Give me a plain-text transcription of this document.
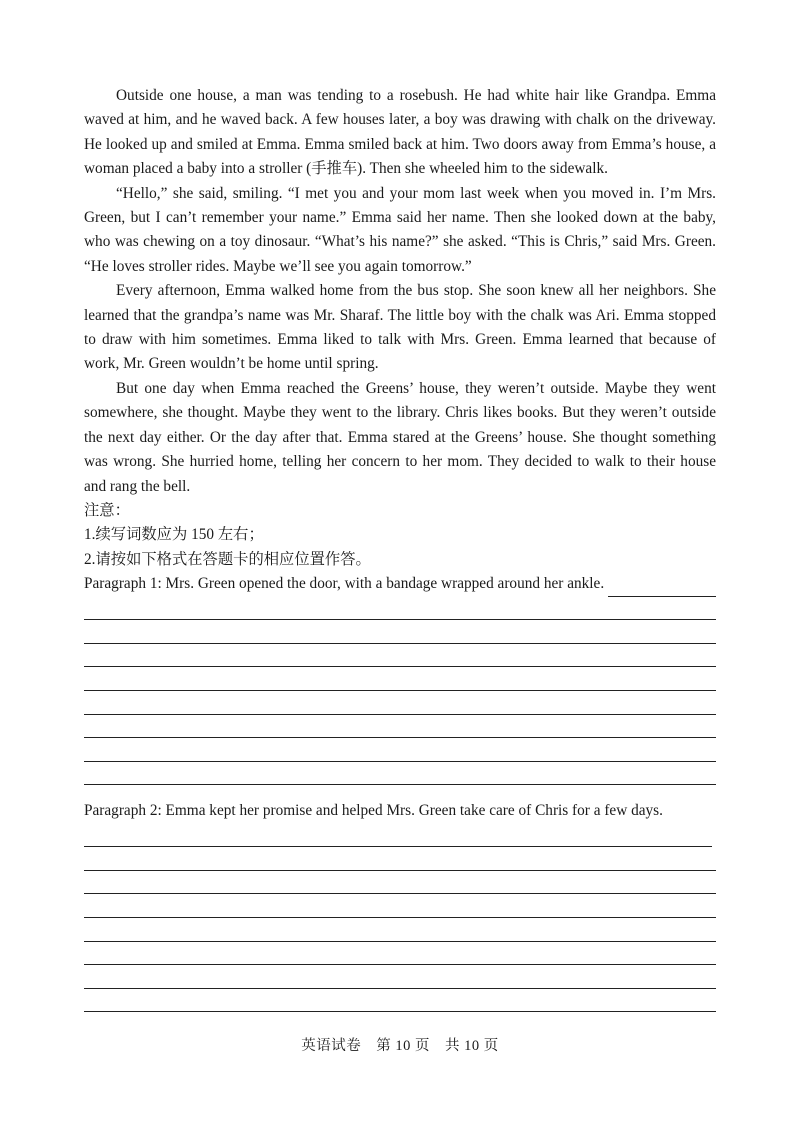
Outside one house, a man was tending to a rosebush. He had white hair like Grandpa. Emma waved at him, and he waved back. A few houses later, a boy was drawing with chalk on the driveway. He looked up and smiled at Emma. Emma smiled back at him. Two doors away from Emma’s house, a woman placed a baby into a stroller (手推车). Then she wheeled him to the sidewalk.

“Hello,” she said, smiling. “I met you and your mom last week when you moved in. I’m Mrs. Green, but I can’t remember your name.” Emma said her name. Then she looked down at the baby, who was chewing on a toy dinosaur. “What’s his name?” she asked. “This is Chris,” said Mrs. Green. “He loves stroller rides. Maybe we’ll see you again tomorrow.”

Every afternoon, Emma walked home from the bus stop. She soon knew all her neighbors. She learned that the grandpa’s name was Mr. Sharaf. The little boy with the chalk was Ari. Emma stopped to draw with him sometimes. Emma liked to talk with Mrs. Green. Emma learned that because of work, Mr. Green wouldn’t be home until spring.

But one day when Emma reached the Greens’ house, they weren’t outside. Maybe they went somewhere, she thought. Maybe they went to the library. Chris likes books. But they weren’t outside the next day either. Or the day after that. Emma stared at the Greens’ house. She thought something was wrong. She hurried home, telling her concern to her mom. They decided to walk to their house and rang the bell.

注意：

1.续写词数应为 150 左右；

2.请按如下格式在答题卡的相应位置作答。

Paragraph 1: Mrs. Green opened the door, with a bandage wrapped around her ankle.

Paragraph 2: Emma kept her promise and helped Mrs. Green take care of Chris for a few days.

英语试卷　第 10 页　共 10 页
